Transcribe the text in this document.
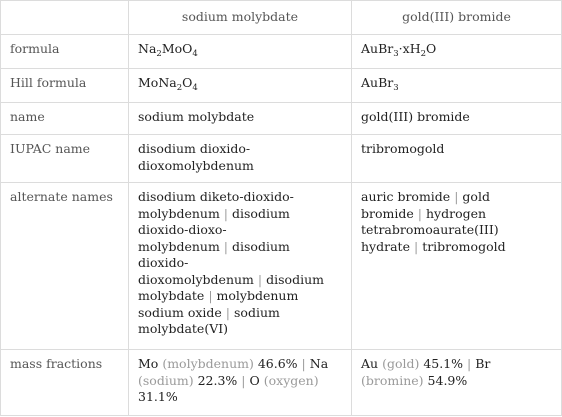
	sodium molybdate	gold(III) bromide
formula	$Na_2MoO_4$	$AuBr_3\cdot xH_2O$
Hill formula	$MoNa_2O_4$	AuBr$_3$
name	sodium molybdate	gold(III) bromide
IUPAC name	disodium dioxido-dioxomolybdenum	tribromogold
alternate names	disodium diketo-dioxido-molybdenum | disodium dioxido-dioxo-molybdenum | disodium dioxido-dioxomolybdenum | disodium molybdate | molybdenum sodium oxide | sodium molybdate(VI)	auric bromide | gold bromide | hydrogen tetrabromoaurate(III) hydrate | tribromogold
mass fractions	Mo (molybdenum) 46.6% | Na (sodium) 22.3% | O (oxygen) 31.1%	Au (gold) 45.1% | Br (bromine) 54.9%
